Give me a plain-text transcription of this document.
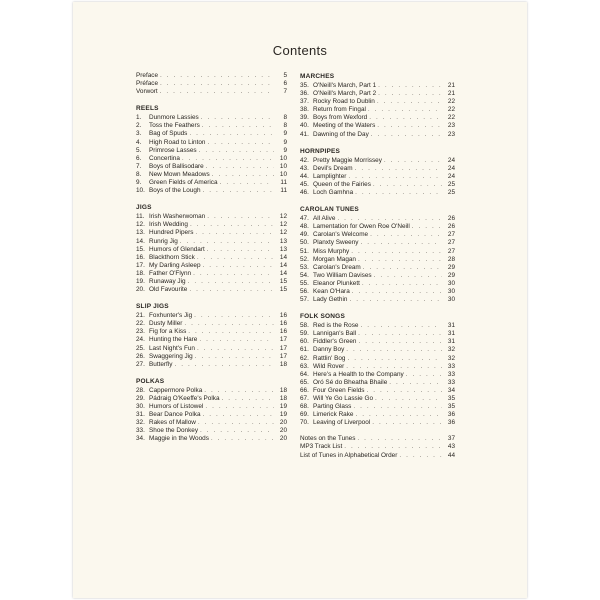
Contents
Preface . . .	5
Préface . . .	6
Vorwort . . .	7
REELS
1.	Dunmore Lassies . . .	8
2.	Toss the Feathers . . .	8
3.	Bag of Spuds . . .	9
4.	High Road to Linton . . .	9
5.	Primrose Lasses . . .	9
6.	Concertina . . .	10
7.	Boys of Ballisodare . . .	10
8.	New Mown Meadows . . .	10
9.	Green Fields of America . . .	11
10. Boys of the Lough . . .	11
JIGS
11. Irish Washerwoman . . .	12
12. Irish Wedding . . .	12
13. Hundred Pipers . . .	12
14. Runrig Jig . . .	13
15. Humors of Glendart . . .	13
16. Blackthorn Stick . . .	14
17. My Darling Asleep . . .	14
18. Father O'Flynn . . .	14
19. Runaway Jig . . .	15
20. Old Favourite . . .	15
SLIP JIGS
21. Foxhunter's Jig . . .	16
22. Dusty Miller . . .	16
23. Fig for a Kiss . . .	16
24. Hunting the Hare . . .	17
25. Last Night's Fun . . .	17
26. Swaggering Jig . . .	17
27. Butterfly . . .	18
POLKAS
28. Cappermore Polka . . .	18
29. Pádraig O'Keeffe's Polka . . .	18
30. Humors of Listowel . . .	19
31. Bear Dance Polka . . .	19
32. Rakes of Mallow . . .	20
33. Shoe the Donkey . . .	20
34. Maggie in the Woods . . .	20
MARCHES
35. O'Neill's March, Part 1 . . .	21
36. O'Neill's March, Part 2 . . .	21
37. Rocky Road to Dublin . . .	22
38. Return from Fingal . . .	22
39. Boys from Wexford . . .	22
40. Meeting of the Waters . . .	23
41. Dawning of the Day . . .	23
HORNPIPES
42. Pretty Maggie Morrissey . . .	24
43. Devil's Dream . . .	24
44. Lamplighter . . .	24
45. Queen of the Fairies . . .	25
46. Loch Gamhna . . .	25
CAROLAN TUNES
47. All Alive . . .	26
48. Lamentation for Owen Roe O'Neill . . .	26
49. Carolan's Welcome . . .	27
50. Planxty Sweeny . . .	27
51. Miss Murphy . . .	27
52. Morgan Magan . . .	28
53. Carolan's Dream . . .	29
54. Two William Davises . . .	29
55. Eleanor Plunkett . . .	30
56. Kean O'Hara . . .	30
57. Lady Gethin . . .	30
FOLK SONGS
58. Red is the Rose . . .	31
59. Lannigan's Ball . . .	31
60. Fiddler's Green . . .	31
61. Danny Boy . . .	32
62. Rattlin' Bog . . .	32
63. Wild Rover . . .	33
64. Here's a Health to the Company . . .	33
65. Oró Sé do Bheatha Bhaile . . .	33
66. Four Green Fields . . .	34
67. Will Ye Go Lassie Go . . .	35
68. Parting Glass . . .	35
69. Limerick Rake . . .	36
70. Leaving of Liverpool . . .	36
Notes on the Tunes . . .	37
MP3 Track List . . .	43
List of Tunes in Alphabetical Order . . .	44
